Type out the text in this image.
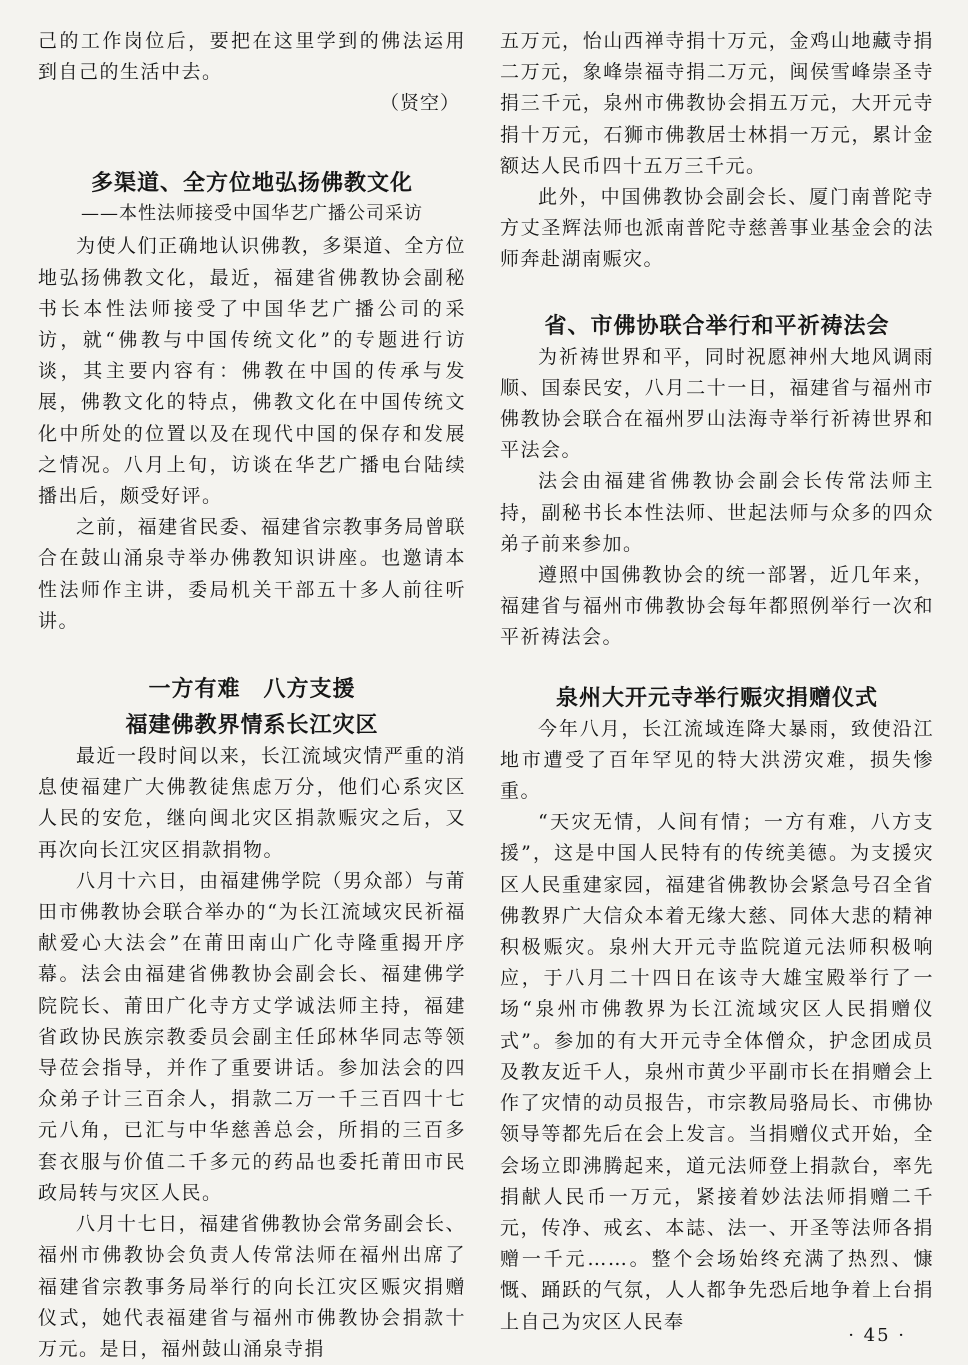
己的工作岗位后，要把在这里学到的佛法运用到自己的生活中去。

（贤空）

多渠道、全方位地弘扬佛教文化

——本性法师接受中国华艺广播公司采访

为使人们正确地认识佛教，多渠道、全方位地弘扬佛教文化，最近，福建省佛教协会副秘书长本性法师接受了中国华艺广播公司的采访，就“佛教与中国传统文化”的专题进行访谈，其主要内容有：佛教在中国的传承与发展，佛教文化的特点，佛教文化在中国传统文化中所处的位置以及在现代中国的保存和发展之情况。八月上旬，访谈在华艺广播电台陆续播出后，颇受好评。

之前，福建省民委、福建省宗教事务局曾联合在鼓山涌泉寺举办佛教知识讲座。也邀请本性法师作主讲，委局机关干部五十多人前往听讲。

一方有难　八方支援
福建佛教界情系长江灾区

最近一段时间以来，长江流域灾情严重的消息使福建广大佛教徒焦虑万分，他们心系灾区人民的安危，继向闽北灾区捐款赈灾之后，又再次向长江灾区捐款捐物。

八月十六日，由福建佛学院（男众部）与莆田市佛教协会联合举办的“为长江流域灾民祈福献爱心大法会”在莆田南山广化寺隆重揭开序幕。法会由福建省佛教协会副会长、福建佛学院院长、莆田广化寺方丈学诚法师主持，福建省政协民族宗教委员会副主任邱林华同志等领导莅会指导，并作了重要讲话。参加法会的四众弟子计三百余人，捐款二万一千三百四十七元八角，已汇与中华慈善总会，所捐的三百多套衣服与价值二千多元的药品也委托莆田市民政局转与灾区人民。

八月十七日，福建省佛教协会常务副会长、福州市佛教协会负责人传常法师在福州出席了福建省宗教事务局举行的向长江灾区赈灾捐赠仪式，她代表福建省与福州市佛教协会捐款十万元。是日，福州鼓山涌泉寺捐

五万元，怡山西禅寺捐十万元，金鸡山地藏寺捐二万元，象峰崇福寺捐二万元，闽侯雪峰崇圣寺捐三千元，泉州市佛教协会捐五万元，大开元寺捐十万元，石狮市佛教居士林捐一万元，累计金额达人民币四十五万三千元。

此外，中国佛教协会副会长、厦门南普陀寺方丈圣辉法师也派南普陀寺慈善事业基金会的法师奔赴湖南赈灾。

省、市佛协联合举行和平祈祷法会

为祈祷世界和平，同时祝愿神州大地风调雨顺、国泰民安，八月二十一日，福建省与福州市佛教协会联合在福州罗山法海寺举行祈祷世界和平法会。

法会由福建省佛教协会副会长传常法师主持，副秘书长本性法师、世起法师与众多的四众弟子前来参加。

遵照中国佛教协会的统一部署，近几年来，福建省与福州市佛教协会每年都照例举行一次和平祈祷法会。

泉州大开元寺举行赈灾捐赠仪式

今年八月，长江流域连降大暴雨，致使沿江地市遭受了百年罕见的特大洪涝灾难，损失惨重。

“天灾无情，人间有情；一方有难，八方支援”，这是中国人民特有的传统美德。为支援灾区人民重建家园，福建省佛教协会紧急号召全省佛教界广大信众本着无缘大慈、同体大悲的精神积极赈灾。泉州大开元寺监院道元法师积极响应，于八月二十四日在该寺大雄宝殿举行了一场“泉州市佛教界为长江流域灾区人民捐赠仪式”。参加的有大开元寺全体僧众，护念团成员及教友近千人，泉州市黄少平副市长在捐赠会上作了灾情的动员报告，市宗教局骆局长、市佛协领导等都先后在会上发言。当捐赠仪式开始，全会场立即沸腾起来，道元法师登上捐款台，率先捐献人民币一万元，紧接着妙法法师捐赠二千元，传净、戒玄、本誌、法一、开圣等法师各捐赠一千元……。整个会场始终充满了热烈、慷慨、踊跃的气氛，人人都争先恐后地争着上台捐上自己为灾区人民奉

· 45 ·
